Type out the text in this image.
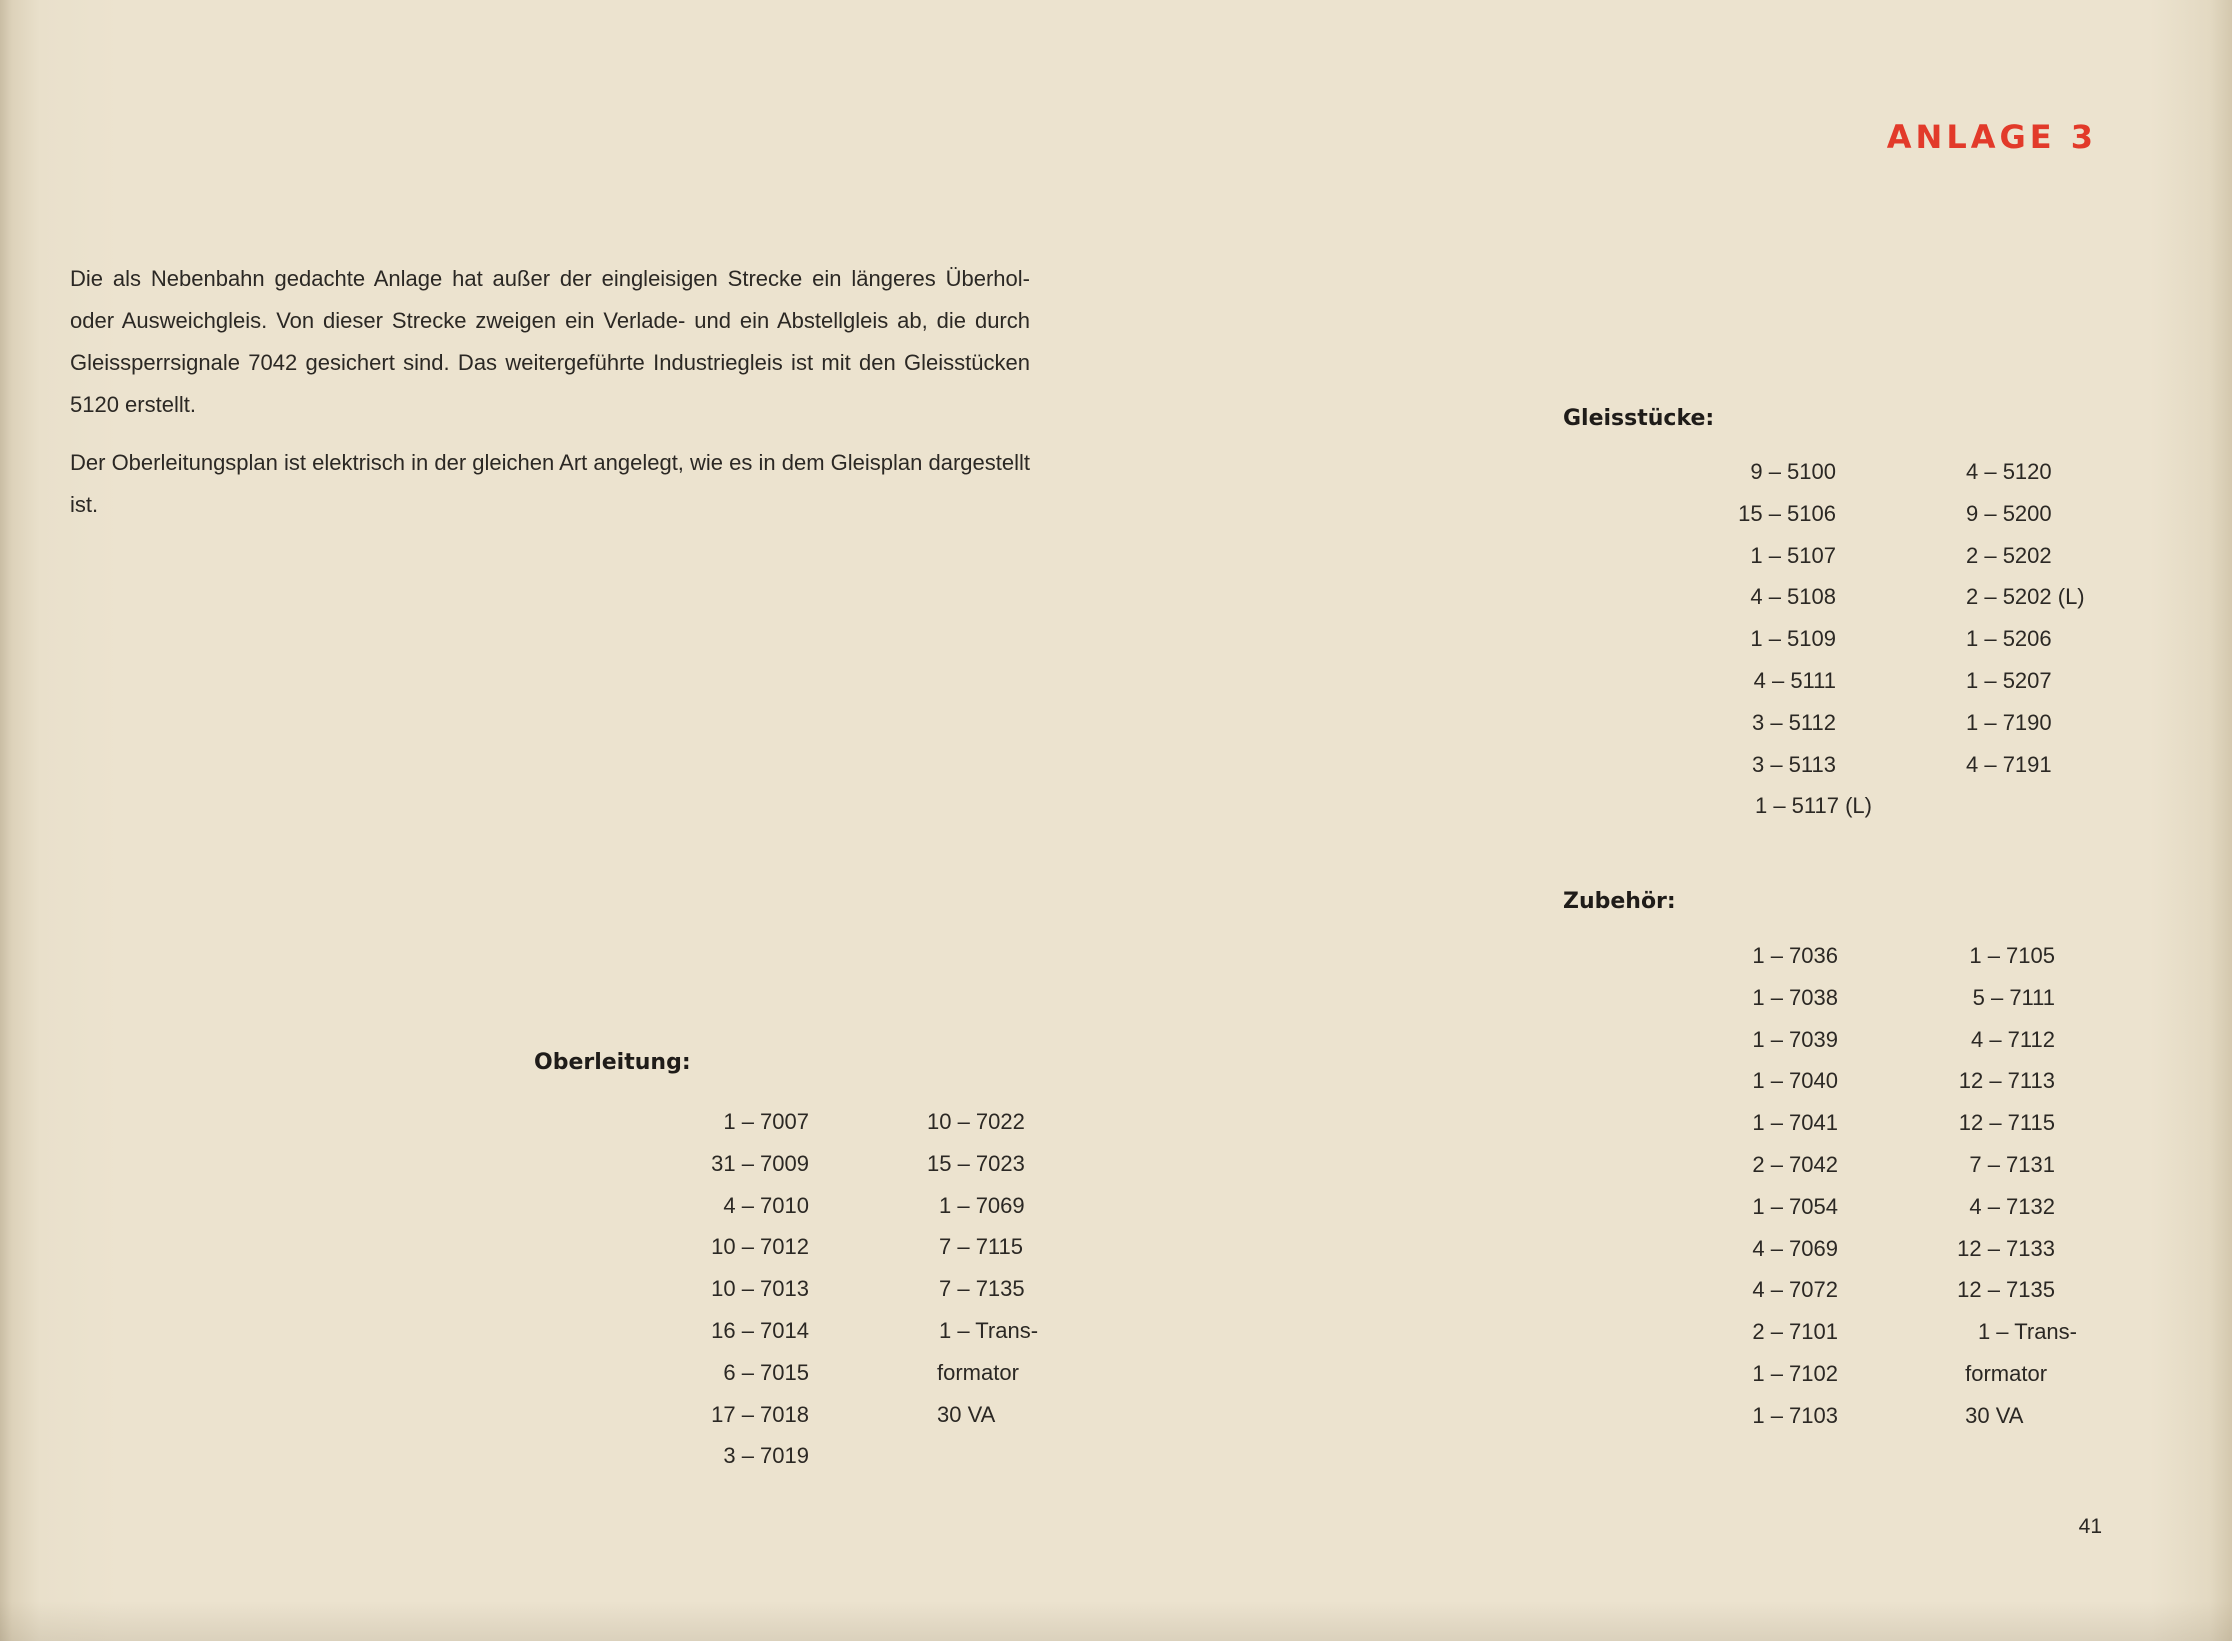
ANLAGE 3

Die als Nebenbahn gedachte Anlage hat außer der eingleisigen Strecke ein längeres Überhol- oder Ausweichgleis. Von dieser Strecke zweigen ein Verlade- und ein Abstellgleis ab, die durch Gleissperrsignale 7042 gesichert sind. Das weitergeführte Industriegleis ist mit den Gleisstücken 5120 erstellt.

Der Oberleitungsplan ist elektrisch in der gleichen Art angelegt, wie es in dem Gleisplan dargestellt ist.

Gleisstücke:
9 – 5100
15 – 5106
1 – 5107
4 – 5108
1 – 5109
4 – 5111
3 – 5112
3 – 5113
1 – 5117 (L)
4 – 5120
9 – 5200
2 – 5202
2 – 5202 (L)
1 – 5206
1 – 5207
1 – 7190
4 – 7191
Zubehör:
1 – 7036
1 – 7038
1 – 7039
1 – 7040
1 – 7041
2 – 7042
1 – 7054
4 – 7069
4 – 7072
2 – 7101
1 – 7102
1 – 7103
1 – 7105
5 – 7111
4 – 7112
12 – 7113
12 – 7115
7 – 7131
4 – 7132
12 – 7133
12 – 7135
1 – Trans-
formator
30 VA
Oberleitung:
1 – 7007
31 – 7009
4 – 7010
10 – 7012
10 – 7013
16 – 7014
6 – 7015
17 – 7018
3 – 7019
10 – 7022
15 – 7023
1 – 7069
7 – 7115
7 – 7135
1 – Trans-
formator
30 VA
41
